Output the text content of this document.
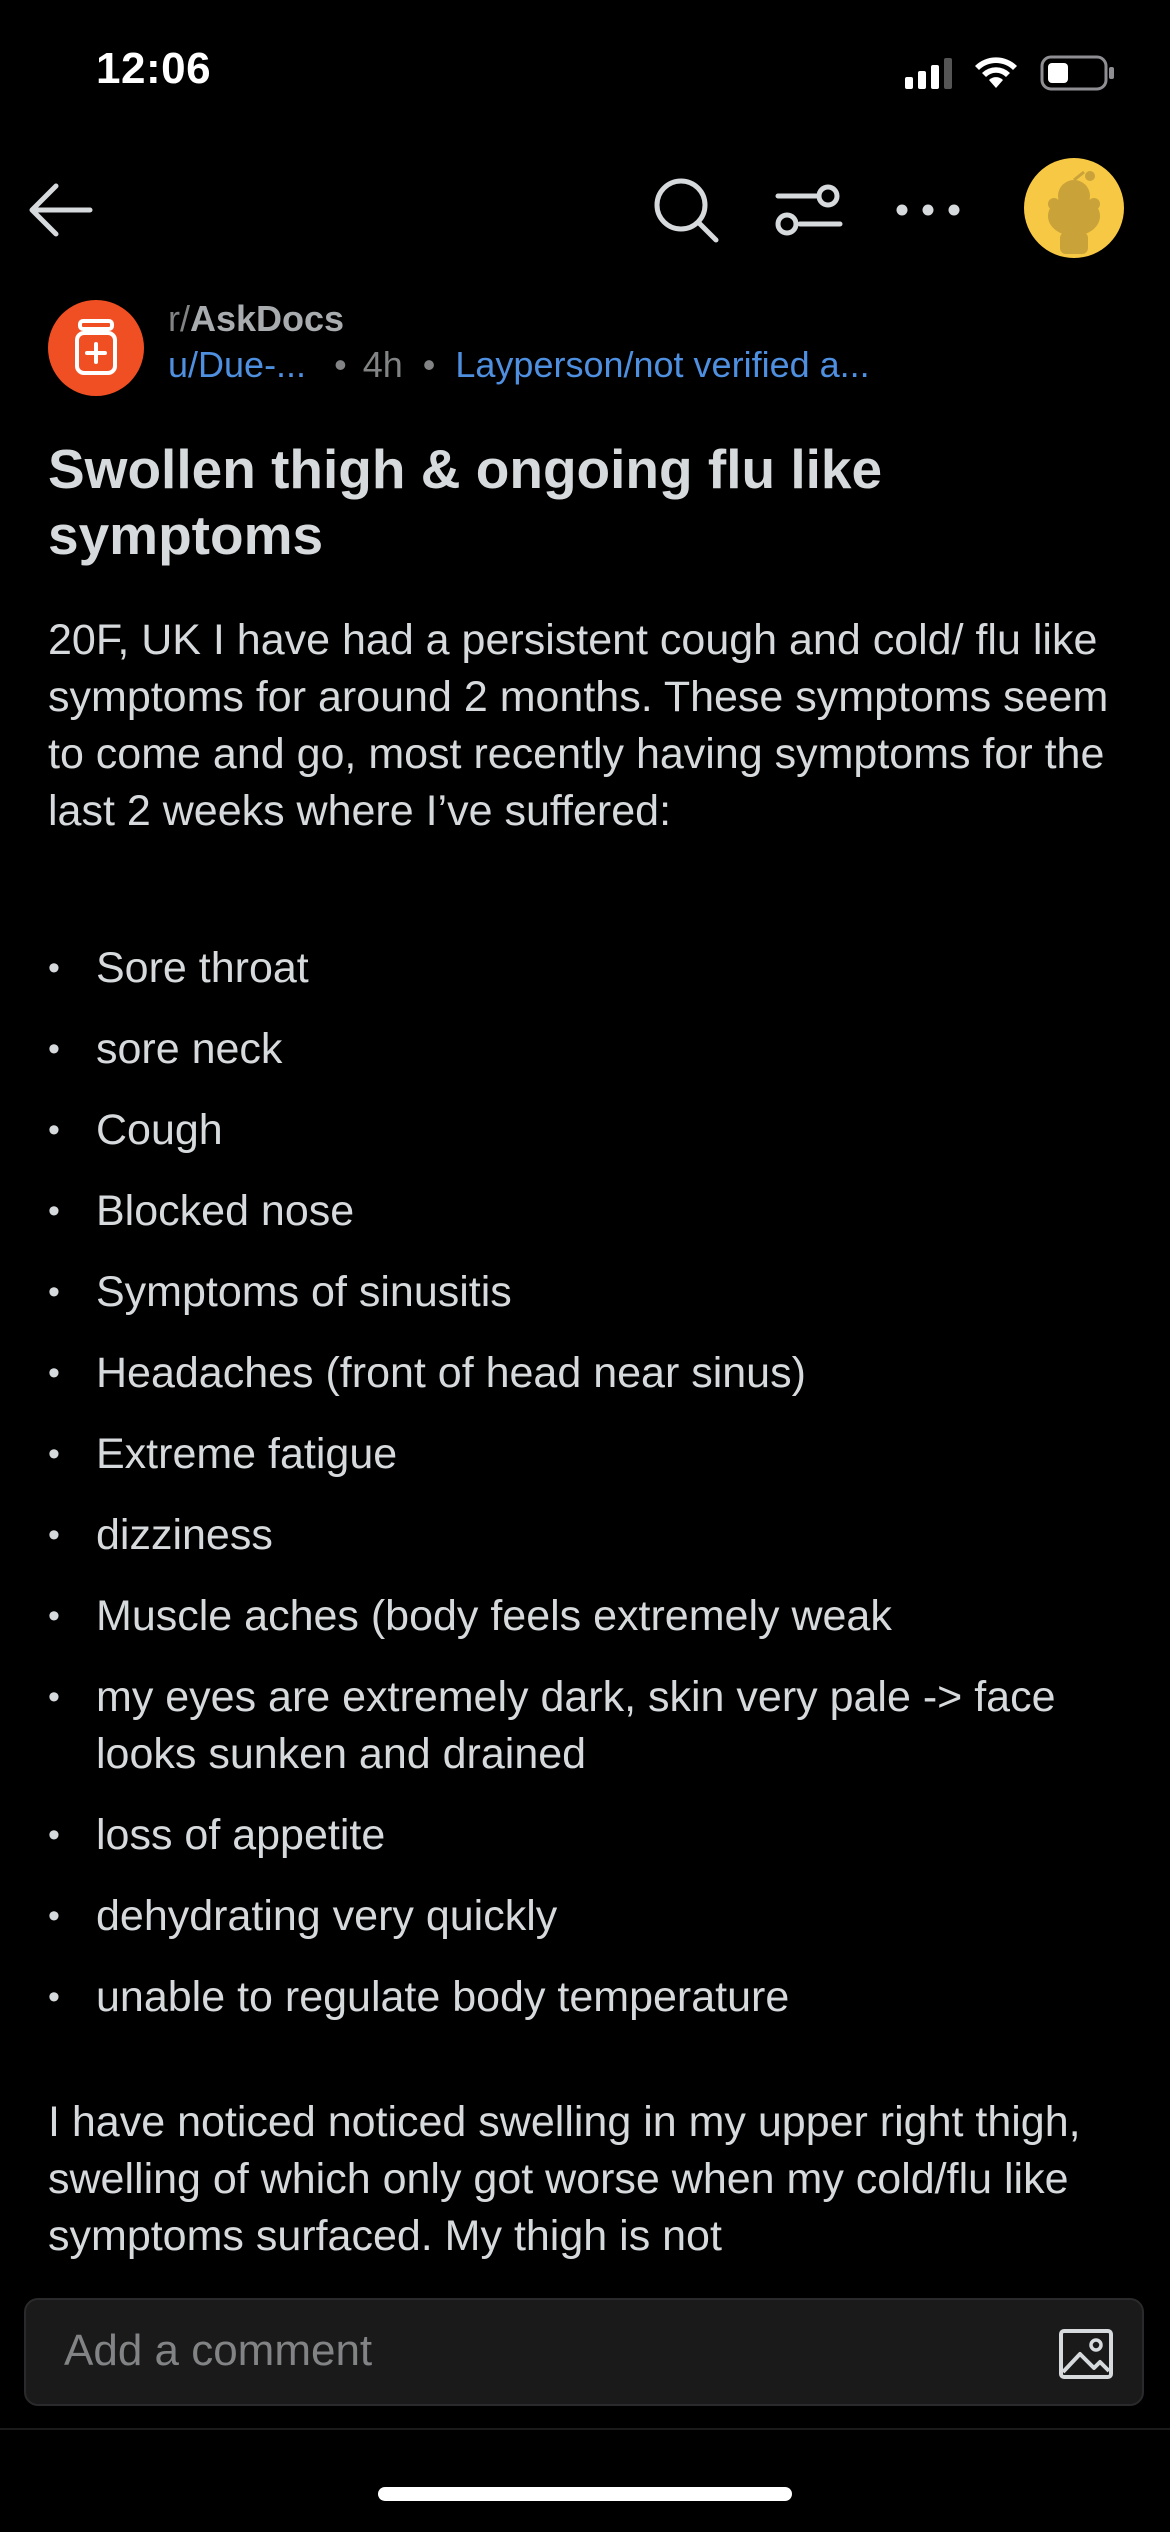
12:06
r/AskDocs
u/Due-... • 4h • Layperson/not verified a...
Swollen thigh & ongoing flu like symptoms

20F, UK I have had a persistent cough and cold/ flu like symptoms for around 2 months. These symptoms seem to come and go, most recently having symptoms for the last 2 weeks where I’ve suffered:

• Sore throat
• sore neck
• Cough
• Blocked nose
• Symptoms of sinusitis
• Headaches (front of head near sinus)
• Extreme fatigue
• dizziness
• Muscle aches (body feels extremely weak
• my eyes are extremely dark, skin very pale -> face looks sunken and drained
• loss of appetite
• dehydrating very quickly
• unable to regulate body temperature

I have noticed noticed swelling in my upper right thigh, swelling of which only got worse when my cold/flu like symptoms surfaced. My thigh is not

Add a comment
